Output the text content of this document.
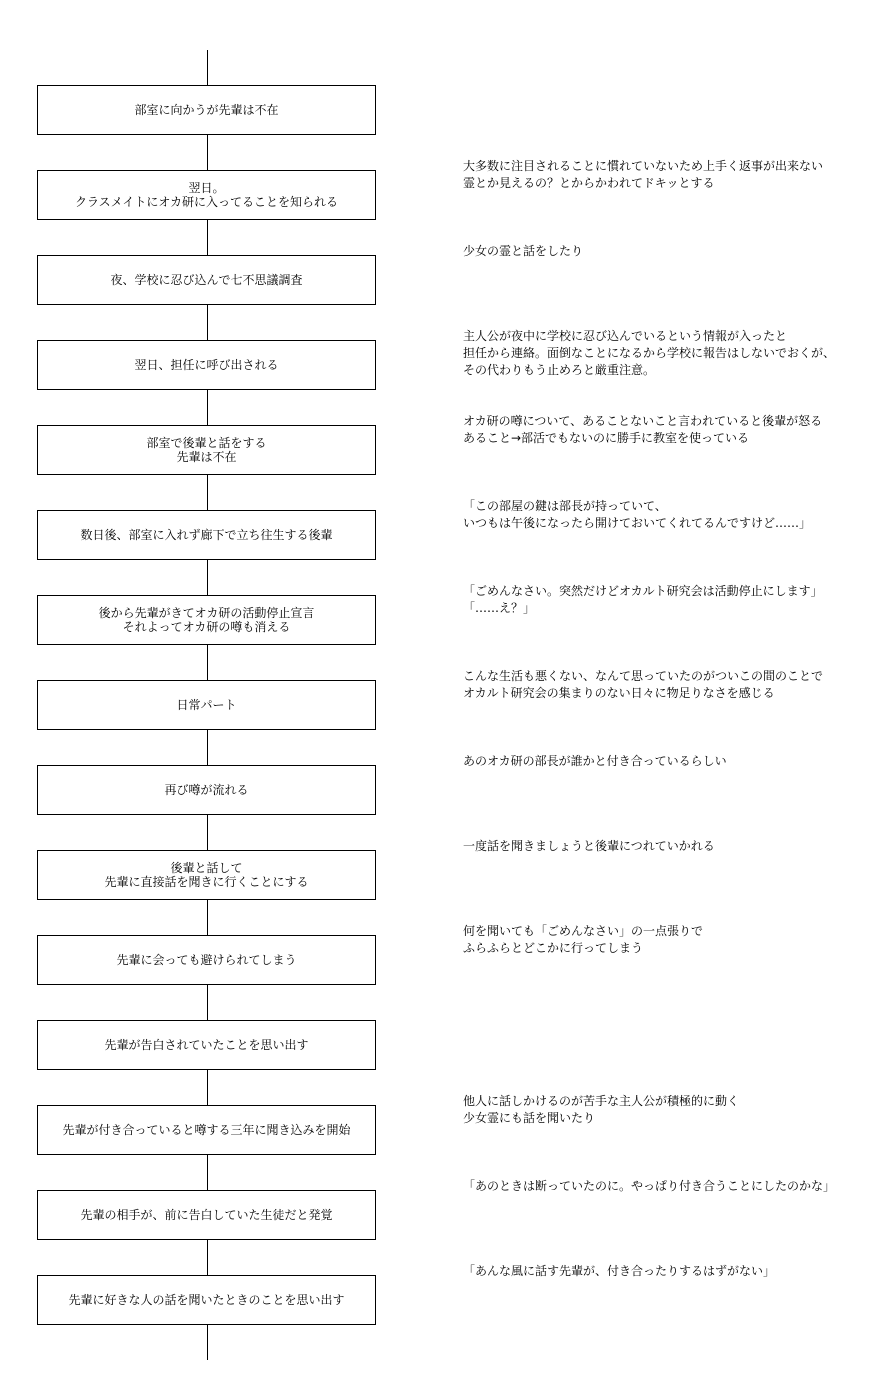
部室に向かうが先輩は不在
翌日。
クラスメイトにオカ研に入ってることを知られる
大多数に注目されることに慣れていないため上手く返事が出来ない
霊とか見えるの？とからかわれてドキッとする
夜、学校に忍び込んで七不思議調査
少女の霊と話をしたり
翌日、担任に呼び出される
主人公が夜中に学校に忍び込んでいるという情報が入ったと
担任から連絡。面倒なことになるから学校に報告はしないでおくが、
その代わりもう止めろと厳重注意。
部室で後輩と話をする
先輩は不在
オカ研の噂について、あることないこと言われていると後輩が怒る
あること→部活でもないのに勝手に教室を使っている
数日後、部室に入れず廊下で立ち往生する後輩
「この部屋の鍵は部長が持っていて、
いつもは午後になったら開けておいてくれてるんですけど……」
後から先輩がきてオカ研の活動停止宣言
それよってオカ研の噂も消える
「ごめんなさい。突然だけどオカルト研究会は活動停止にします」
「……え？」
日常パート
こんな生活も悪くない、なんて思っていたのがついこの間のことで
オカルト研究会の集まりのない日々に物足りなさを感じる
再び噂が流れる
あのオカ研の部長が誰かと付き合っているらしい
後輩と話して
先輩に直接話を聞きに行くことにする
一度話を聞きましょうと後輩につれていかれる
先輩に会っても避けられてしまう
何を聞いても「ごめんなさい」の一点張りで
ふらふらとどこかに行ってしまう
先輩が告白されていたことを思い出す
先輩が付き合っていると噂する三年に聞き込みを開始
他人に話しかけるのが苦手な主人公が積極的に動く
少女霊にも話を聞いたり
先輩の相手が、前に告白していた生徒だと発覚
「あのときは断っていたのに。やっぱり付き合うことにしたのかな」
先輩に好きな人の話を聞いたときのことを思い出す
「あんな風に話す先輩が、付き合ったりするはずがない」
